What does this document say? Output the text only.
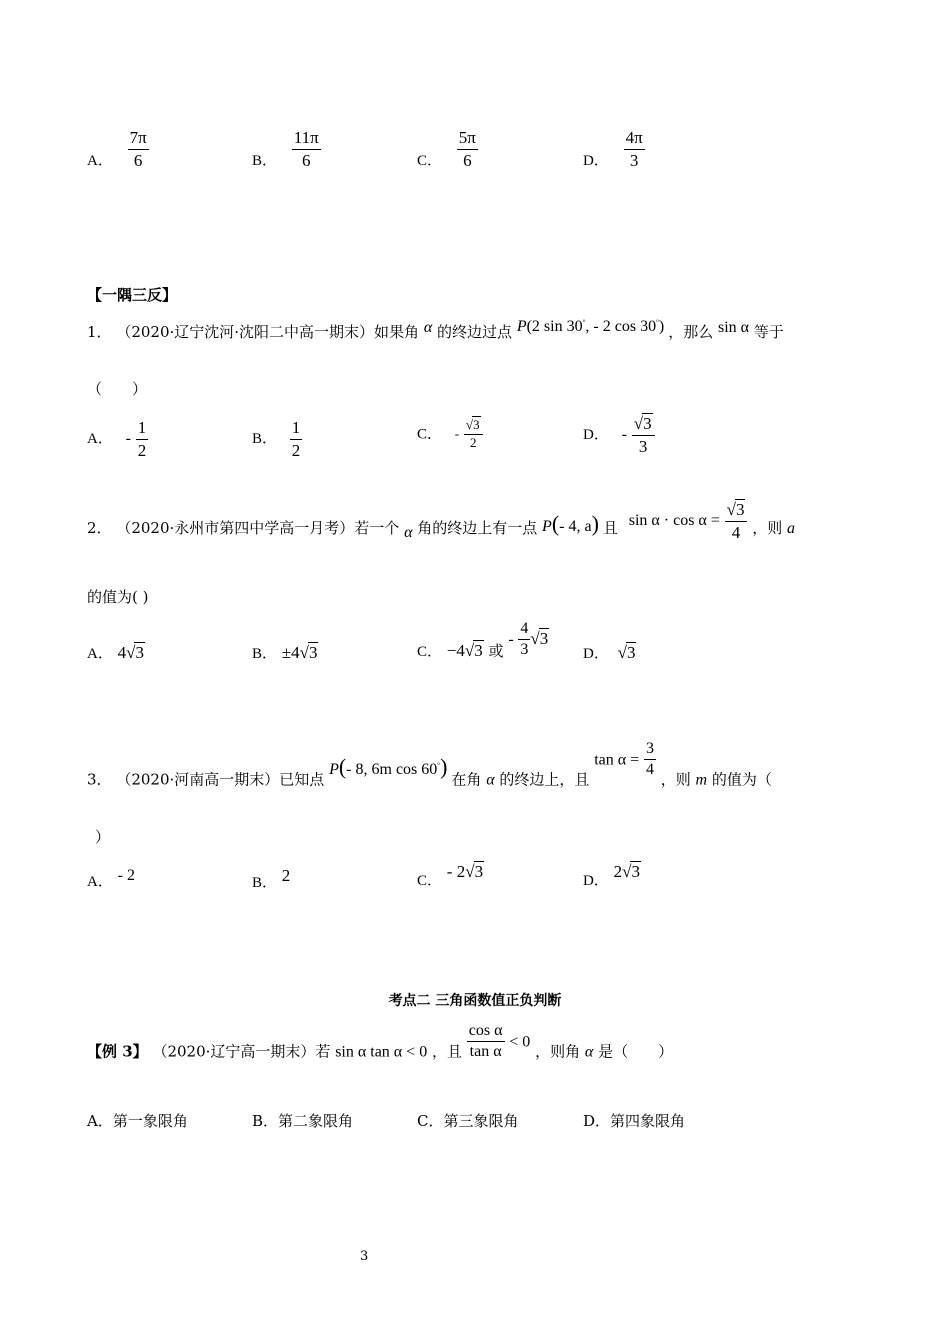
A． $\frac{7\pi}{6}$	B． $\frac{11\pi}{6}$	C． $\frac{5\pi}{6}$	D． $\frac{4\pi}{3}$
【一隅三反】
1． （2020·辽宁沈河·沈阳二中高一期末）如果角 α 的终边过点 P(2 sin 30°, - 2 cos 30°) ，那么 sin α 等于
（　　）
A． - $\frac{1}{2}$	B． $\frac{1}{2}$	C． - $\frac{√3}{2}$	D． - $\frac{√3}{3}$
2． （2020·永州市第四中学高一月考）若一个 α 角的终边上有一点 P(- 4, a) 且 $\sin \alpha \cdot \cos \alpha = \frac{√3}{4}$ ，则 a
的值为( )
A． 4√3	B． ±4√3	C． −4√3 或 - $\frac{4}{3} √3$
D． √3
3． （2020·河南高一期末）已知点 P(- 8, 6m cos 60°) 在角 α 的终边上，且 $\tan \alpha = \frac{3}{4}$ ，则 m 的值为（
）
A． - 2	B． 2	C． - 2√3	D． 2√3
考点二 三角函数值正负判断
【例 3】 （2020·辽宁高一期末）若 sin α tan α < 0 ，且 $\frac{\text{cos α}}{\text{tan α}} < 0$ ，则角 α 是（　　）
A．第一象限角	B．第二象限角	C．第三象限角	D．第四象限角
3
